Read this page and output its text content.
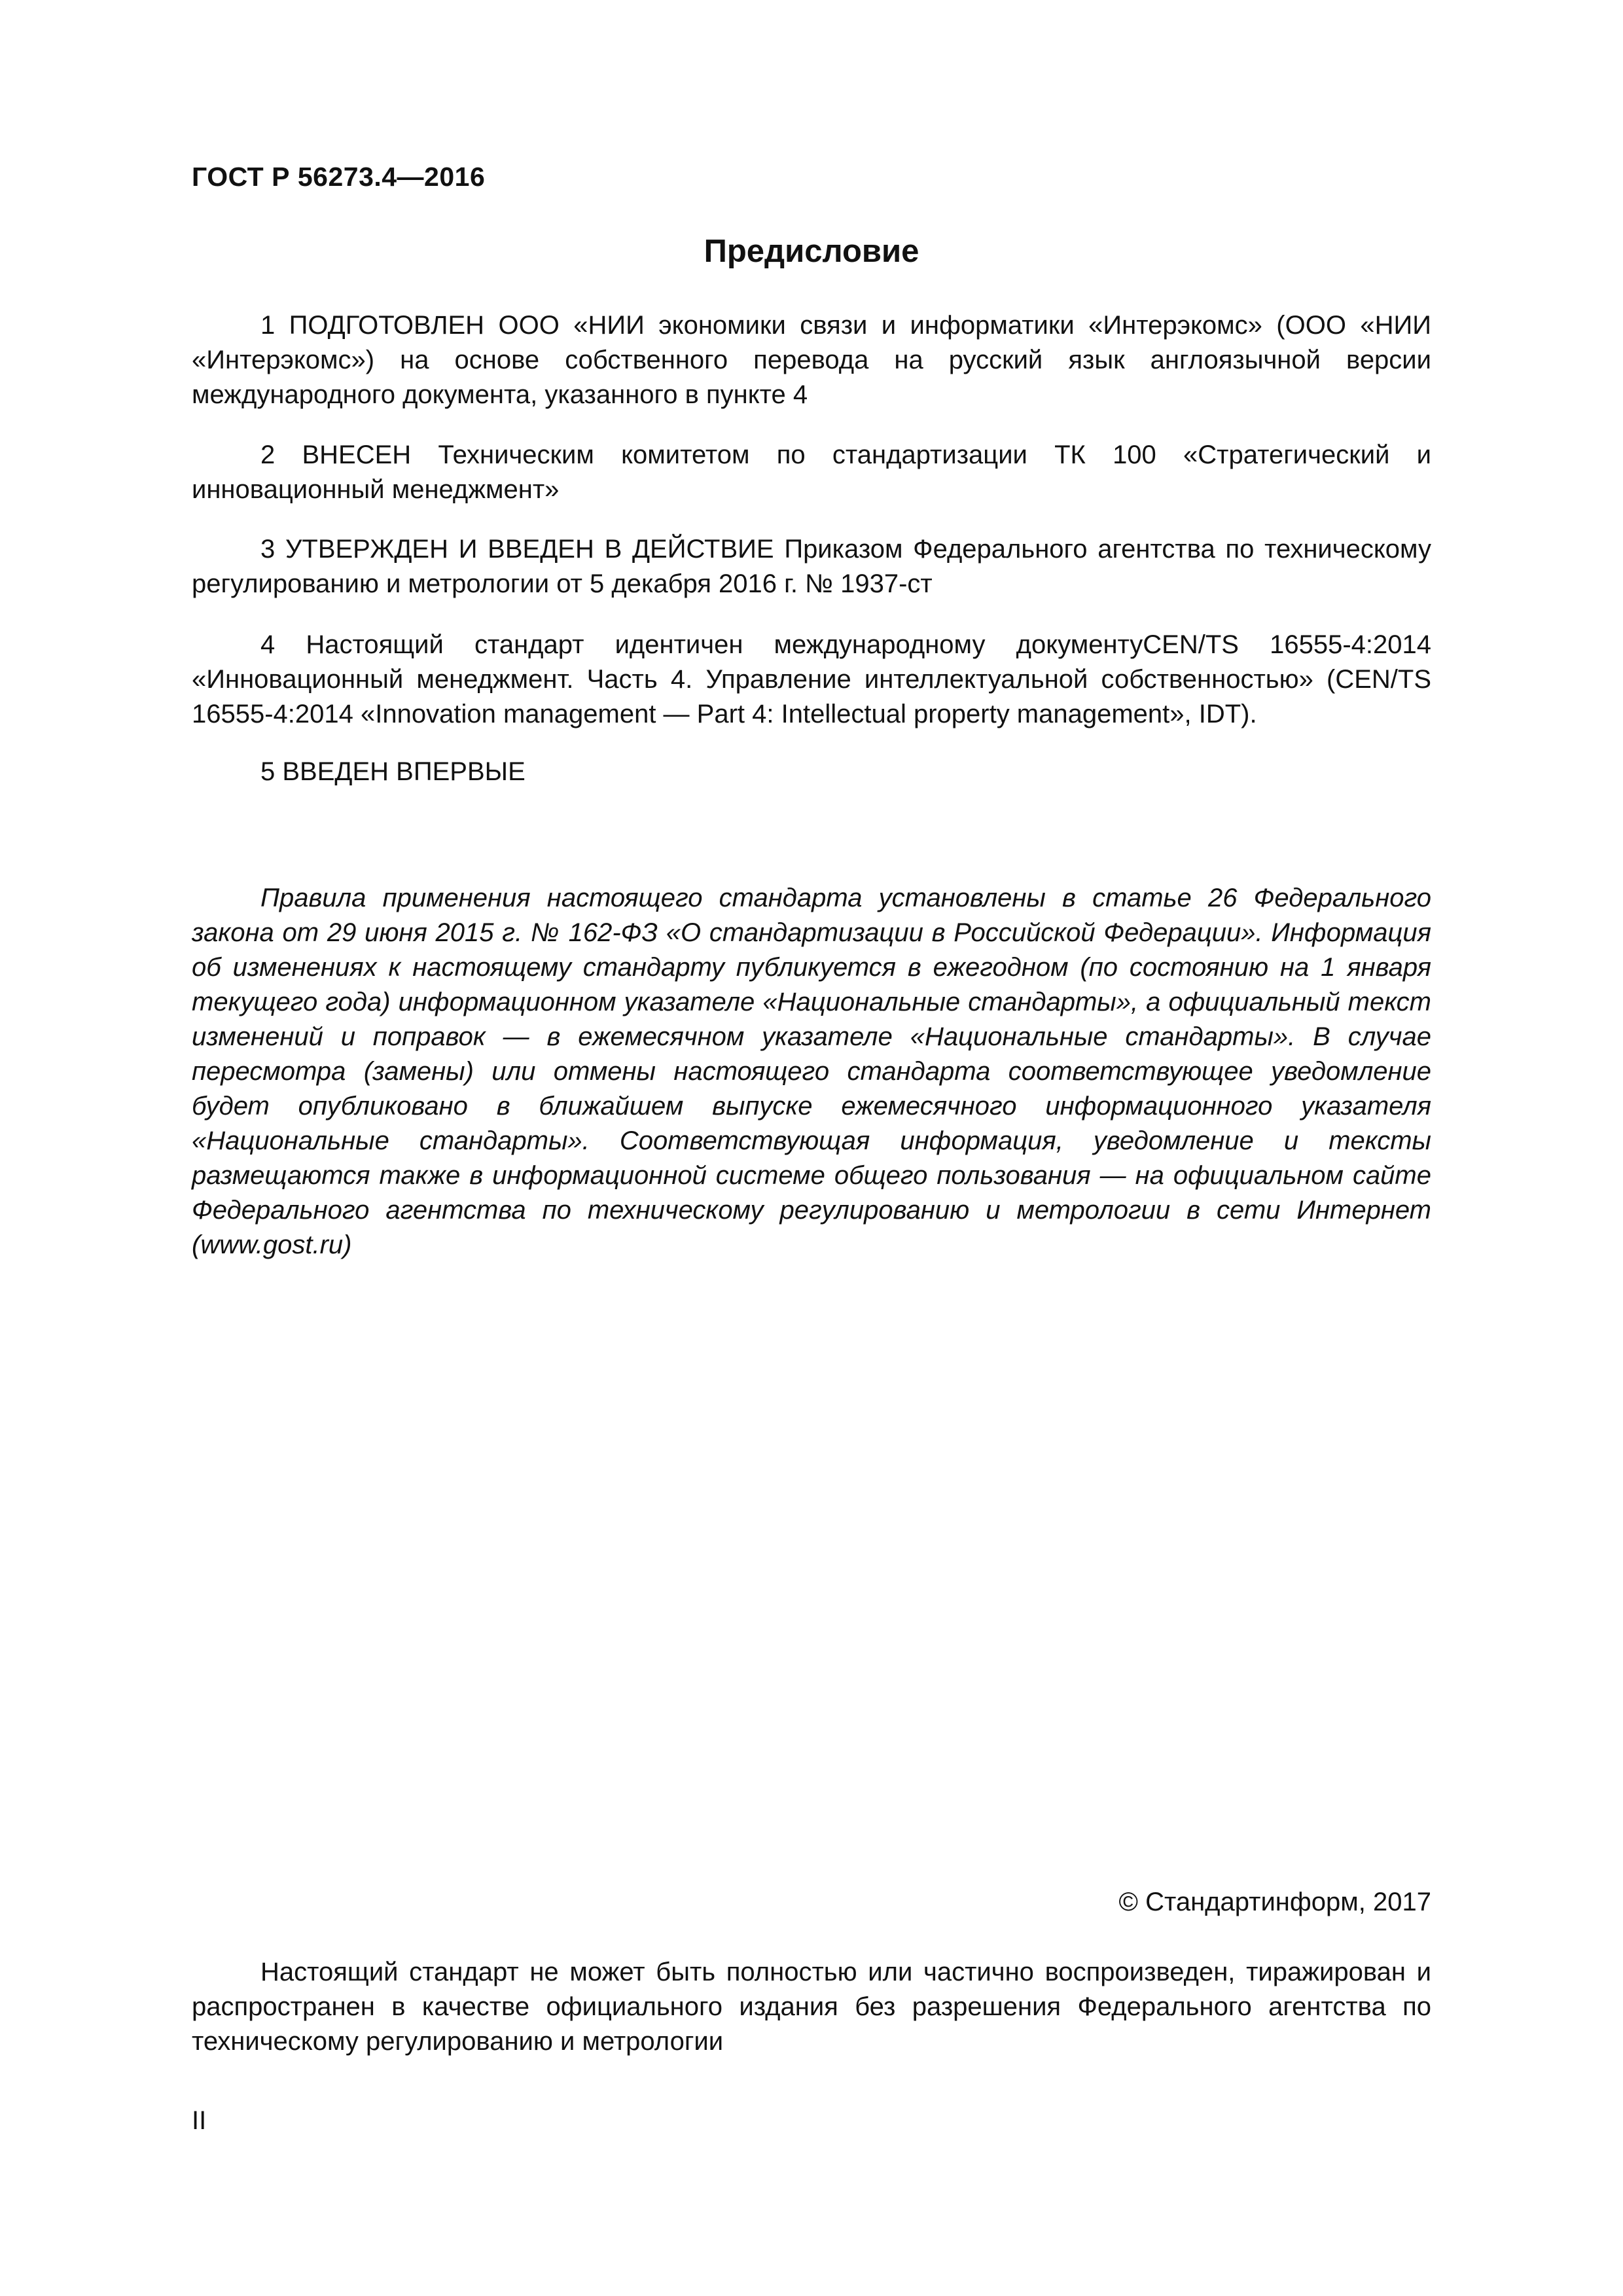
ГОСТ Р 56273.4—2016

Предисловие

1 ПОДГОТОВЛЕН ООО «НИИ экономики связи и информатики «Интерэкомс» (ООО «НИИ «Интерэкомс») на основе собственного перевода на русский язык англоязычной версии международного документа, указанного в пункте 4

2 ВНЕСЕН Техническим комитетом по стандартизации ТК 100 «Стратегический и инновационный менеджмент»

3 УТВЕРЖДЕН И ВВЕДЕН В ДЕЙСТВИЕ Приказом Федерального агентства по техническому регулированию и метрологии от 5 декабря 2016 г. № 1937-ст

4 Настоящий стандарт идентичен международному документуCEN/TS 16555-4:2014 «Инновационный менеджмент. Часть 4. Управление интеллектуальной собственностью» (CEN/TS 16555-4:2014 «Innovation management — Part 4: Intellectual property management», IDT).

5 ВВЕДЕН ВПЕРВЫЕ

Правила применения настоящего стандарта установлены в статье 26 Федерального закона от 29 июня 2015 г. № 162-ФЗ «О стандартизации в Российской Федерации». Информация об изменениях к настоящему стандарту публикуется в ежегодном (по состоянию на 1 января текущего года) информационном указателе «Национальные стандарты», а официальный текст изменений и поправок — в ежемесячном указателе «Национальные стандарты». В случае пересмотра (замены) или отмены настоящего стандарта соответствующее уведомление будет опубликовано в ближайшем выпуске ежемесячного информационного указателя «Национальные стандарты». Соответствующая информация, уведомление и тексты размещаются также в информационной системе общего пользования — на официальном сайте Федерального агентства по техническому регулированию и метрологии в сети Интернет (www.gost.ru)

© Стандартинформ, 2017

Настоящий стандарт не может быть полностью или частично воспроизведен, тиражирован и распространен в качестве официального издания без разрешения Федерального агентства по техническому регулированию и метрологии

II
